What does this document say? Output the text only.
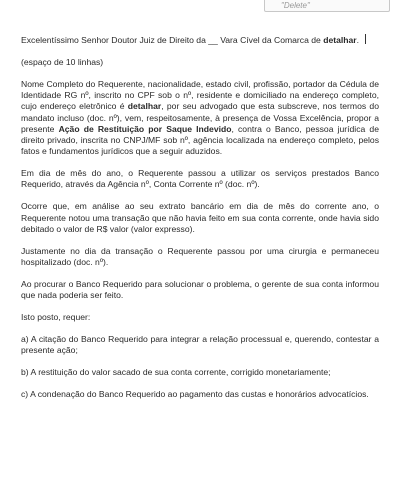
"Delete"

Excelentíssimo Senhor Doutor Juiz de Direito da __ Vara Cível da Comarca de detalhar.

(espaço de 10 linhas)

Nome Completo do Requerente, nacionalidade, estado civil, profissão, portador da Cédula de Identidade RG nº, inscrito no CPF sob o nº, residente e domiciliado na endereço completo, cujo endereço eletrônico é detalhar, por seu advogado que esta subscreve, nos termos do mandato incluso (doc. nº), vem, respeitosamente, à presença de Vossa Excelência, propor a presente Ação de Restituição por Saque Indevido, contra o Banco, pessoa jurídica de direito privado, inscrita no CNPJ/MF sob nº, agência localizada na endereço completo, pelos fatos e fundamentos jurídicos que a seguir aduzidos.

Em dia de mês do ano, o Requerente passou a utilizar os serviços prestados Banco Requerido, através da Agência nº, Conta Corrente nº (doc. nº).

Ocorre que, em análise ao seu extrato bancário em dia de mês do corrente ano, o Requerente notou uma transação que não havia feito em sua conta corrente, onde havia sido debitado o valor de R$ valor (valor expresso).

Justamente no dia da transação o Requerente passou por uma cirurgia e permaneceu hospitalizado (doc. nº).

Ao procurar o Banco Requerido para solucionar o problema, o gerente de sua conta informou que nada poderia ser feito.

Isto posto, requer:

a) A citação do Banco Requerido para integrar a relação processual e, querendo, contestar a presente ação;

b) A restituição do valor sacado de sua conta corrente, corrigido monetariamente;

c) A condenação do Banco Requerido ao pagamento das custas e honorários advocatícios.
